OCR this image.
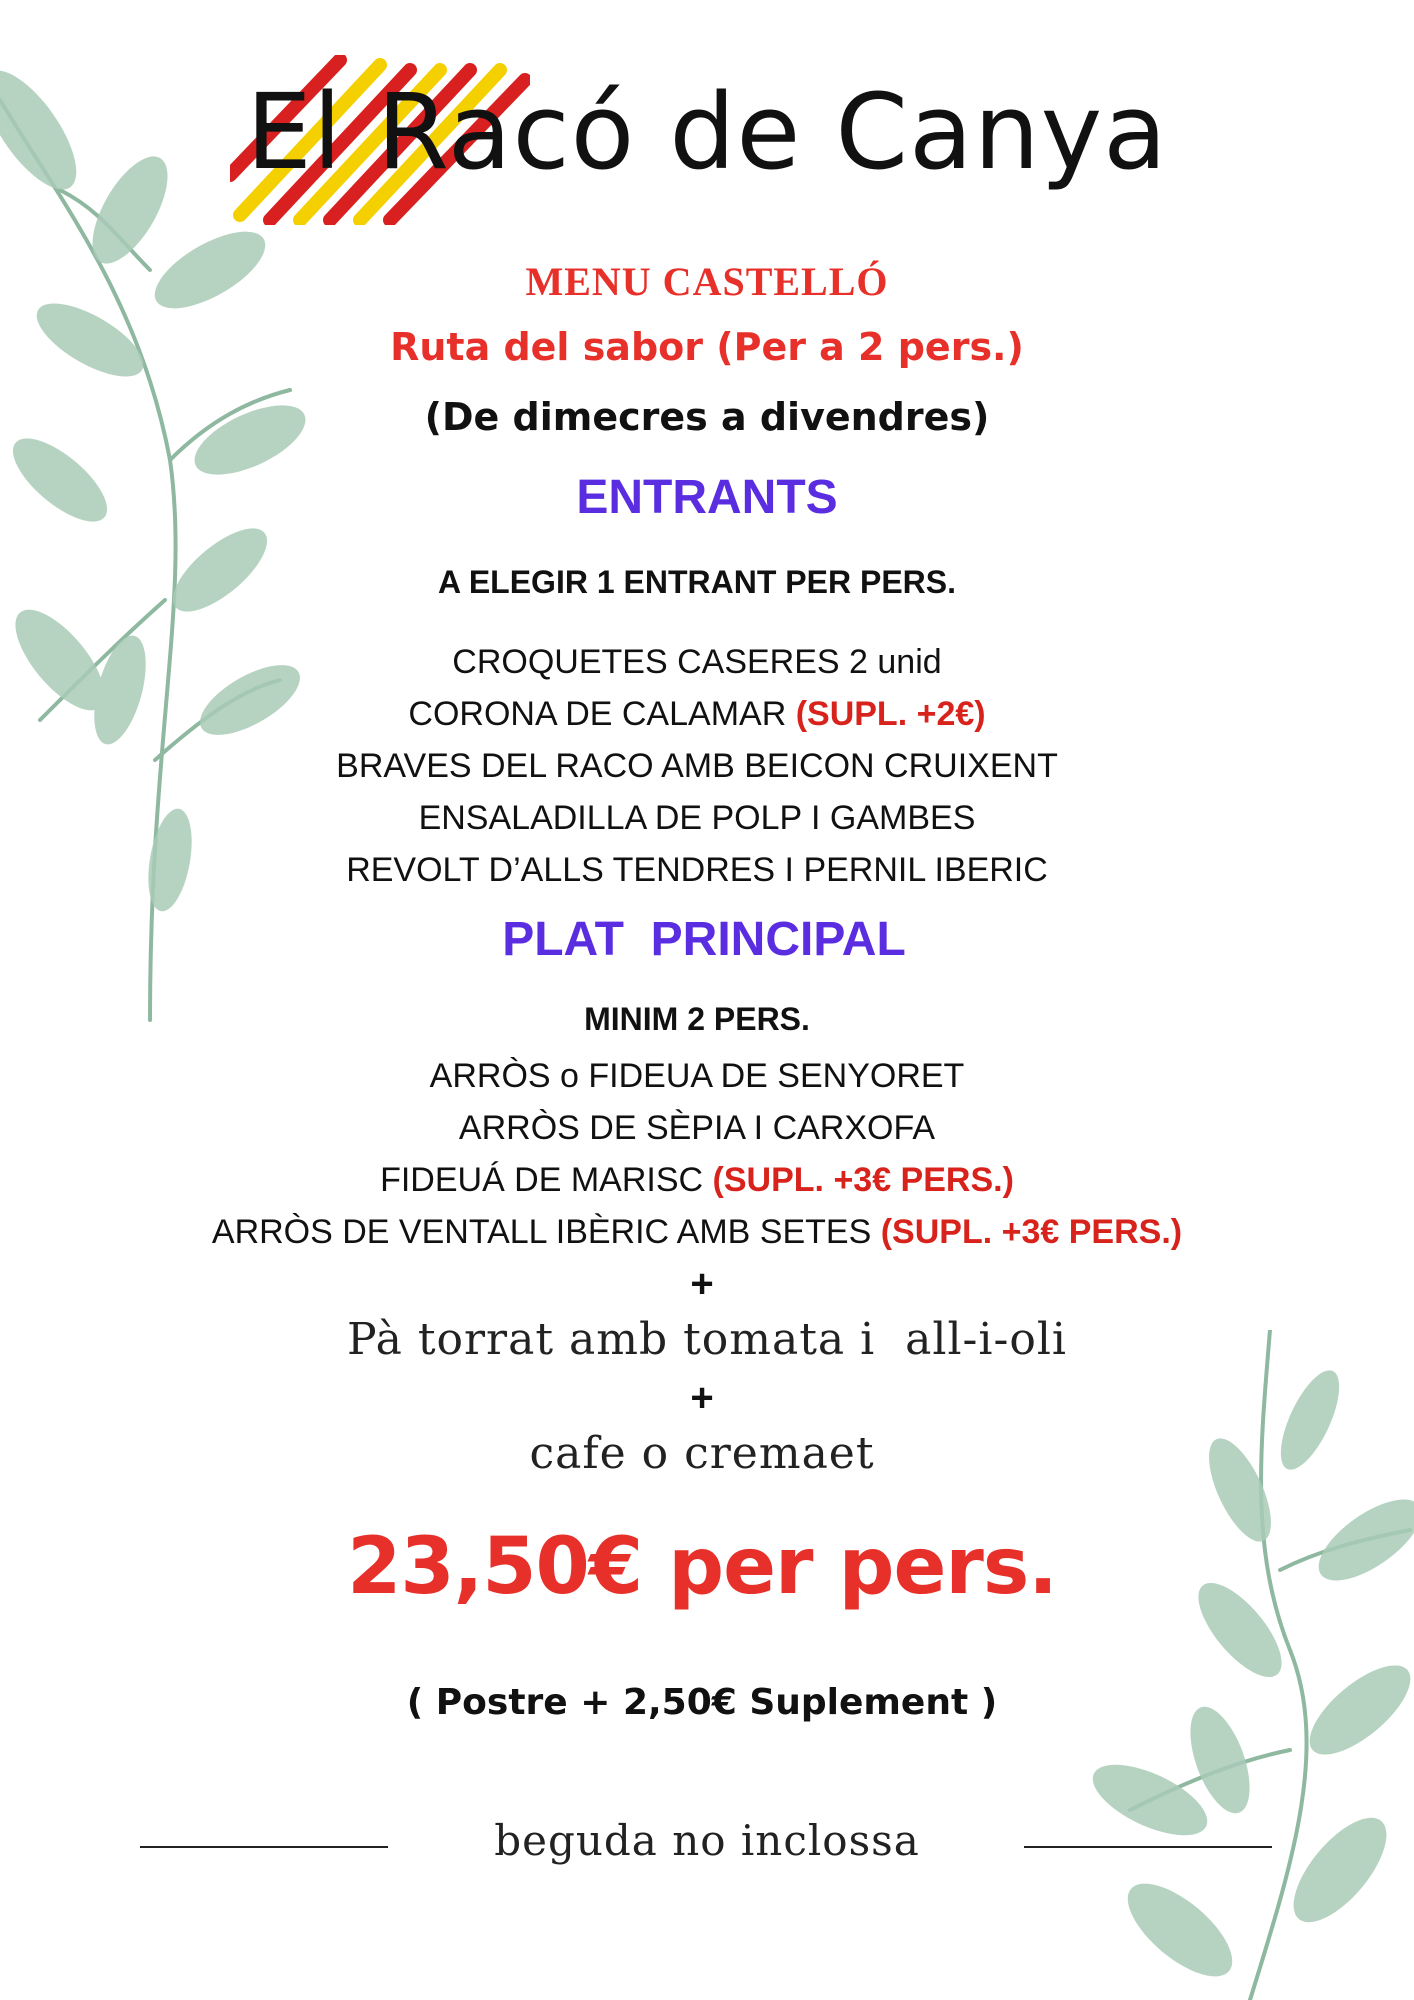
El Racó de Canya
MENU CASTELLÓ
Ruta del sabor (Per a 2 pers.)
(De dimecres a divendres)
ENTRANTS
A ELEGIR 1 ENTRANT PER PERS.
CROQUETES CASERES 2 unid
CORONA DE CALAMAR (SUPL. +2€)
BRAVES DEL RACO AMB BEICON CRUIXENT
ENSALADILLA DE POLP I GAMBES
REVOLT D’ALLS TENDRES I PERNIL IBERIC
PLAT  PRINCIPAL
MINIM 2 PERS.
ARRÒS o FIDEUA DE SENYORET
ARRÒS DE SÈPIA I CARXOFA
FIDEUÁ DE MARISC (SUPL. +3€ PERS.)
ARRÒS DE VENTALL IBÈRIC AMB SETES (SUPL. +3€ PERS.)
+
Pà torrat amb tomata i  all-i-oli
+
cafe o cremaet
23,50€ per pers.
( Postre + 2,50€ Suplement )
beguda no inclossa
